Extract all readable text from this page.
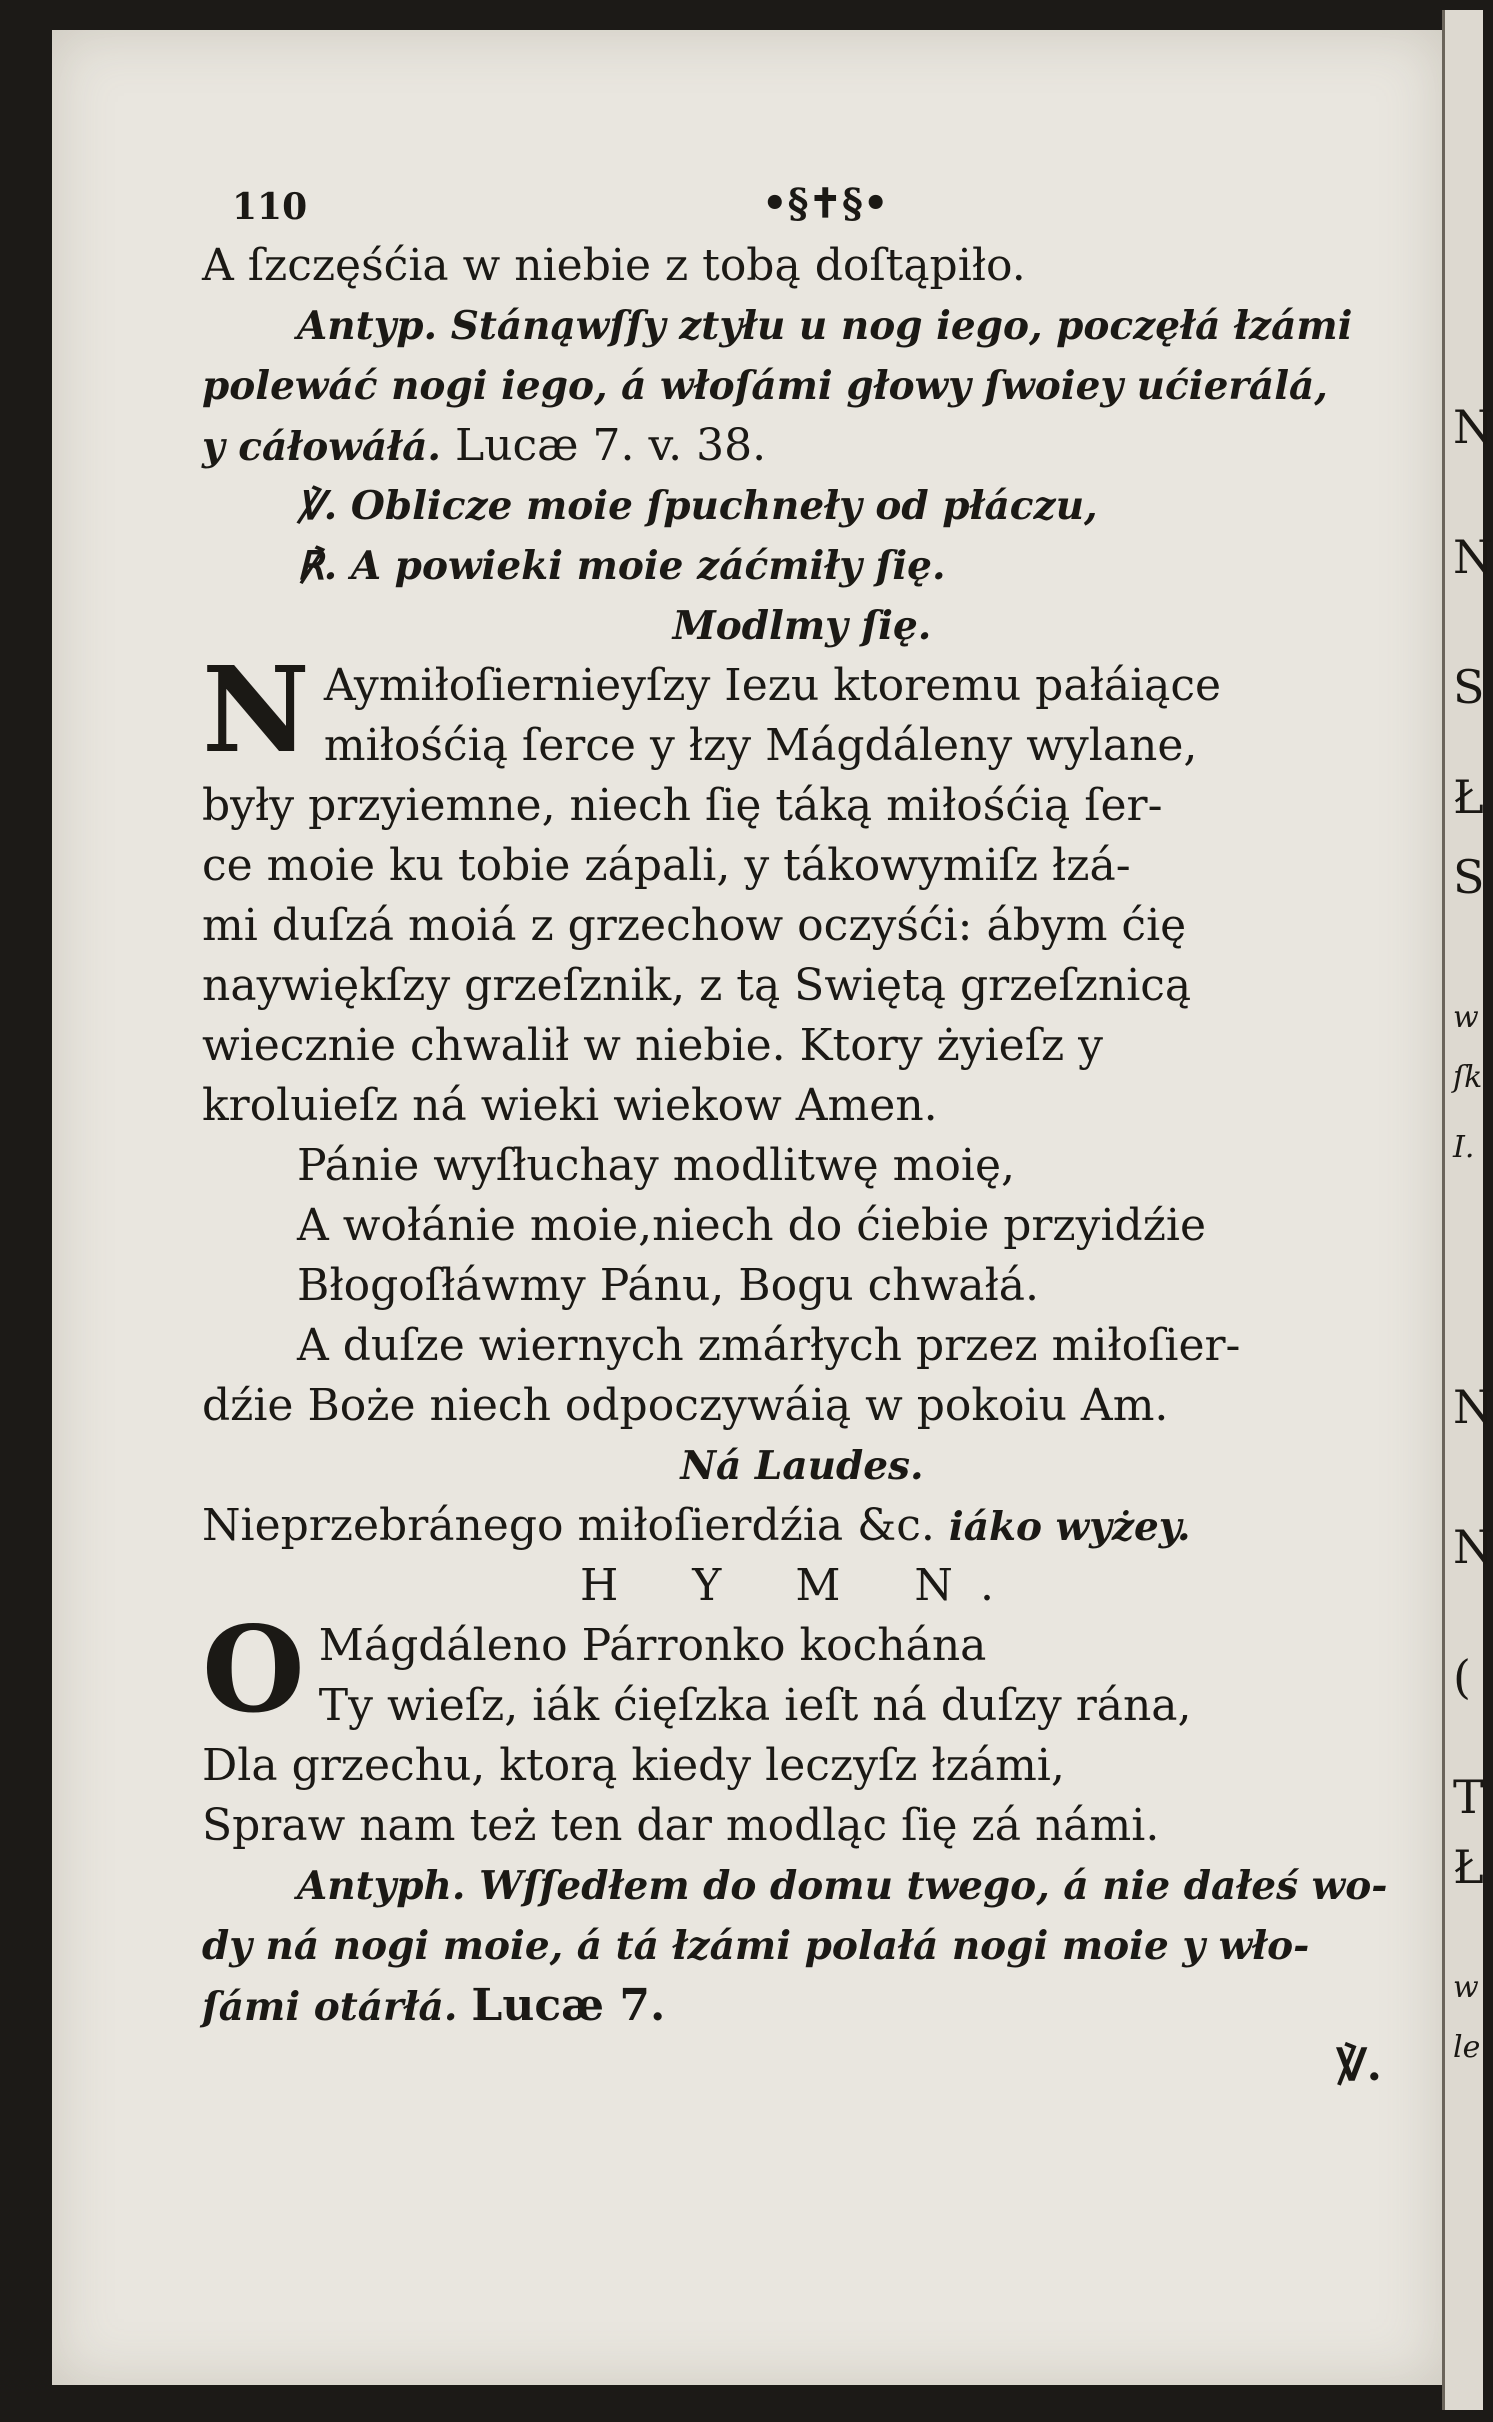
110	•§✝§•
A ſzczęśćia w niebie z tobą doſtąpiło.
Antyp. Stánąwſſy ztyłu u nog iego, poczęłá łzámi
polewáć nogi iego, á włoſámi głowy ſwoiey ućierálá,
y cáłowáłá. Lucæ 7. v. 38.
℣. Oblicze moie ſpuchneły od płáczu,
℟. A powieki moie záćmiły ſię.
Modlmy ſię.
N Aymiłoſiernieyſzy Iezu ktoremu pałáiące
miłośćią ſerce y łzy Mágdáleny wylane,
były przyiemne, niech ſię táką miłośćią ſer-
ce moie ku tobie zápali, y tákowymiſz łzá-
mi duſzá moiá z grzechow oczyśći: ábym ćię
naywiękſzy grzeſznik, z tą Swiętą grzeſznicą
wiecznie chwalił w niebie. Ktory żyieſz y
kroluieſz ná wieki wiekow Amen.
Pánie wyſłuchay modlitwę moię,
A wołánie moie,niech do ćiebie przyidźie
Błogoſłáwmy Pánu, Bogu chwałá.
A duſze wiernych zmárłych przez miłoſier-
dźie Boże niech odpoczywáią w pokoiu Am.
Ná Laudes.
Nieprzebránego miłoſierdźia &c. iáko wyżey.
H Y M N.
O Mágdáleno Párronko kochána
Ty wieſz, iák ćięſzka ieſt ná duſzy rána,
Dla grzechu, ktorą kiedy leczyſz łzámi,
Spraw nam też ten dar modląc ſię zá námi.
Antyph. Wſſedłem do domu twego, á nie dałeś wo-
dy ná nogi moie, á tá łzámi polałá nogi moie y wło-
ſámi otárłá. Lucæ 7.
℣.
N
N
S
Ł
S
w
ſk
I.
N
N
(
T
Ł
w
le
